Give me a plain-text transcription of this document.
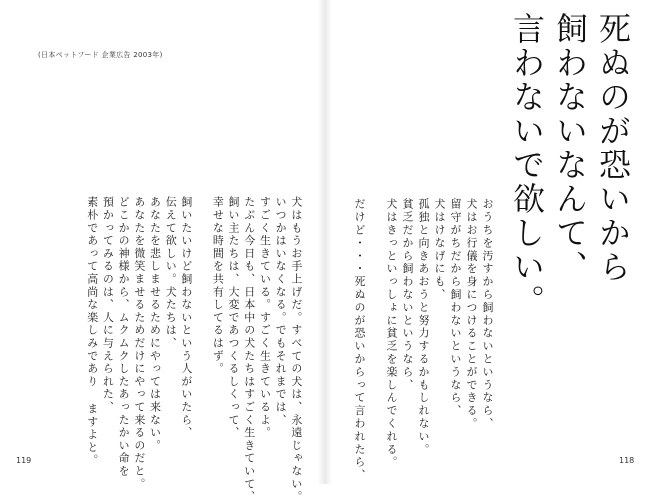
(日本ペットフード 企業広告 2003年)
犬はもうお手上げだ。すべての犬は、永遠じゃない。
いつかはいなくなる。でもそれまでは、
すごく生きている。すごく生きているよ。
たぶん今日も、日本中の犬たちはすごく生きていて、
飼い主たちは、大変であつくるしくって、
幸せな時間を共有してるはず。

飼いたいけど飼わないという人がいたら、
伝えて欲しい。犬たちは、
あなたを悲しませるためにやっては来ない。
あなたを微笑ませるためだけにやって来るのだと。
どこかの神様から、ムクムクしたあったかい命を
預かってみるのは、人に与えられた、
素朴であって高尚な楽しみであり ますよと。
119
死ぬのが恐いから
飼わないなんて、
言わないで欲しい。
おうちを汚すから飼わないというなら、
犬はお行儀を身につけることができる。
留守がちだから飼わないというなら、
犬はけなげにも、
孤独と向きあおうと努力するかもしれない。
貧乏だから飼わないというなら、
犬はきっといっしょに貧乏を楽しんでくれる。

だけど・・・死ぬのが恐いからって言われたら、	118
